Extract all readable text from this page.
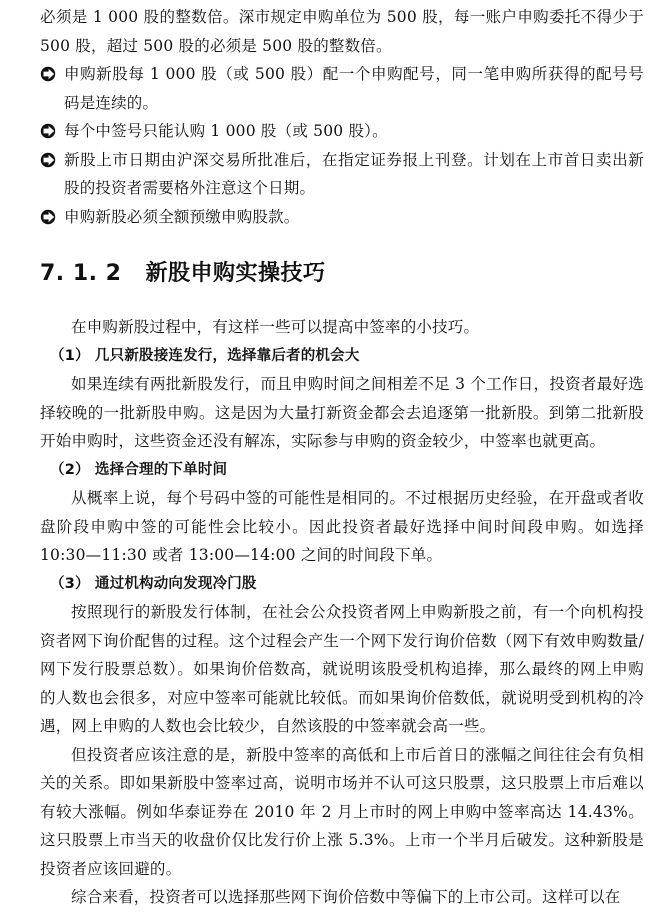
必须是 1 000 股的整数倍。深市规定申购单位为 500 股，每一账户申购委托不得少于 500 股，超过 500 股的必须是 500 股的整数倍。

申购新股每 1 000 股（或 500 股）配一个申购配号，同一笔申购所获得的配号号码是连续的。

每个中签号只能认购 1 000 股（或 500 股）。

新股上市日期由沪深交易所批准后，在指定证券报上刊登。计划在上市首日卖出新股的投资者需要格外注意这个日期。

申购新股必须全额预缴申购股款。

7. 1. 2 新股申购实操技巧

在申购新股过程中，有这样一些可以提高中签率的小技巧。

（1） 几只新股接连发行，选择靠后者的机会大

如果连续有两批新股发行，而且申购时间之间相差不足 3 个工作日，投资者最好选择较晚的一批新股申购。这是因为大量打新资金都会去追逐第一批新股。到第二批新股开始申购时，这些资金还没有解冻，实际参与申购的资金较少，中签率也就更高。

（2） 选择合理的下单时间

从概率上说，每个号码中签的可能性是相同的。不过根据历史经验，在开盘或者收盘阶段申购中签的可能性会比较小。因此投资者最好选择中间时间段申购。如选择 10:30—11:30 或者 13:00—14:00 之间的时间段下单。

（3） 通过机构动向发现冷门股

按照现行的新股发行体制，在社会公众投资者网上申购新股之前，有一个向机构投资者网下询价配售的过程。这个过程会产生一个网下发行询价倍数（网下有效申购数量/网下发行股票总数）。如果询价倍数高，就说明该股受机构追捧，那么最终的网上申购的人数也会很多，对应中签率可能就比较低。而如果询价倍数低，就说明受到机构的冷遇，网上申购的人数也会比较少，自然该股的中签率就会高一些。

但投资者应该注意的是，新股中签率的高低和上市后首日的涨幅之间往往会有负相关的关系。即如果新股中签率过高，说明市场并不认可这只股票，这只股票上市后难以有较大涨幅。例如华泰证券在 2010 年 2 月上市时的网上申购中签率高达 14.43%。这只股票上市当天的收盘价仅比发行价上涨 5.3%。上市一个半月后破发。这种新股是投资者应该回避的。

综合来看，投资者可以选择那些网下询价倍数中等偏下的上市公司。这样可以在
